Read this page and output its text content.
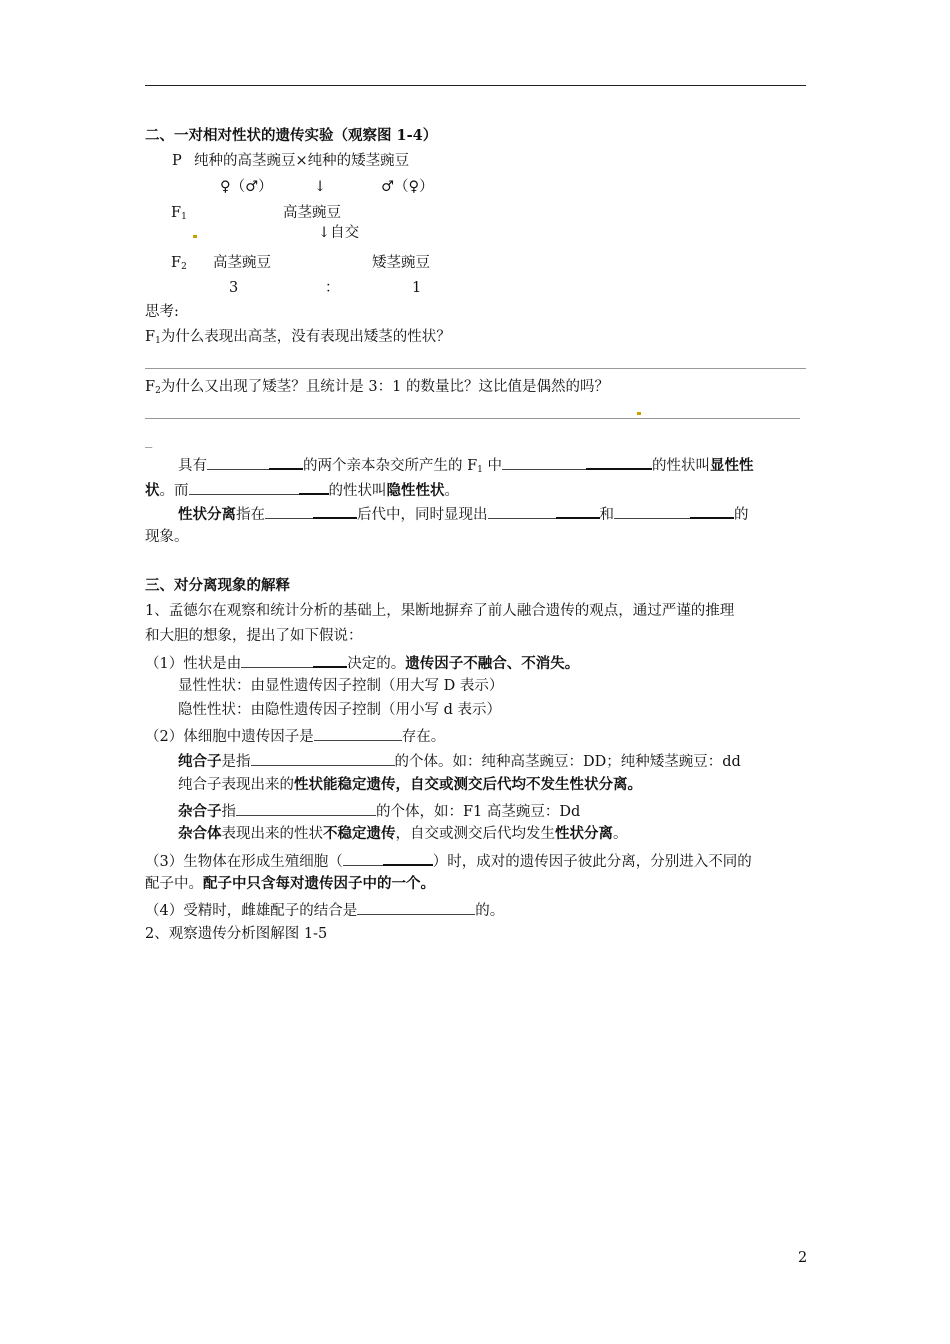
二、一对相对性状的遗传实验（观察图 1-4）
P 纯种的高茎豌豆×纯种的矮茎豌豆
♀（♂）	↓	♂（♀）
$F_1$	高茎豌豆
↓自交
$F_2$ 高茎豌豆	矮茎豌豆
3	：	1
思考:
$F_1$为什么表现出高茎，没有表现出矮茎的性状？
$F_2$为什么又出现了矮茎？且统计是 3：1 的数量比？这比值是偶然的吗？
_
具有	的两个亲本杂交所产生的 $F_1$ 中	的性状叫显性性
状。而	的性状叫隐性性状。
性状分离指在	后代中，同时显现出	和	的
现象。
三、对分离现象的解释
1、孟德尔在观察和统计分析的基础上，果断地摒弃了前人融合遗传的观点，通过严谨的推理
和大胆的想象，提出了如下假说：
（1）性状是由	决定的。遗传因子不融合、不消失。
显性性状：由显性遗传因子控制（用大写 D 表示）
隐性性状：由隐性遗传因子控制（用小写 d 表示）
（2）体细胞中遗传因子是	存在。
纯合子是指	的个体。如：纯种高茎豌豆：DD；纯种矮茎豌豆：dd
纯合子表现出来的性状能稳定遗传，自交或测交后代均不发生性状分离。
杂合子指	的个体，如：F1 高茎豌豆：Dd
杂合体表现出来的性状不稳定遗传，自交或测交后代均发生性状分离。
（3）生物体在形成生殖细胞（	）时，成对的遗传因子彼此分离，分别进入不同的
配子中。配子中只含每对遗传因子中的一个。
（4）受精时，雌雄配子的结合是	的。
2、观察遗传分析图解图 1-5
2
